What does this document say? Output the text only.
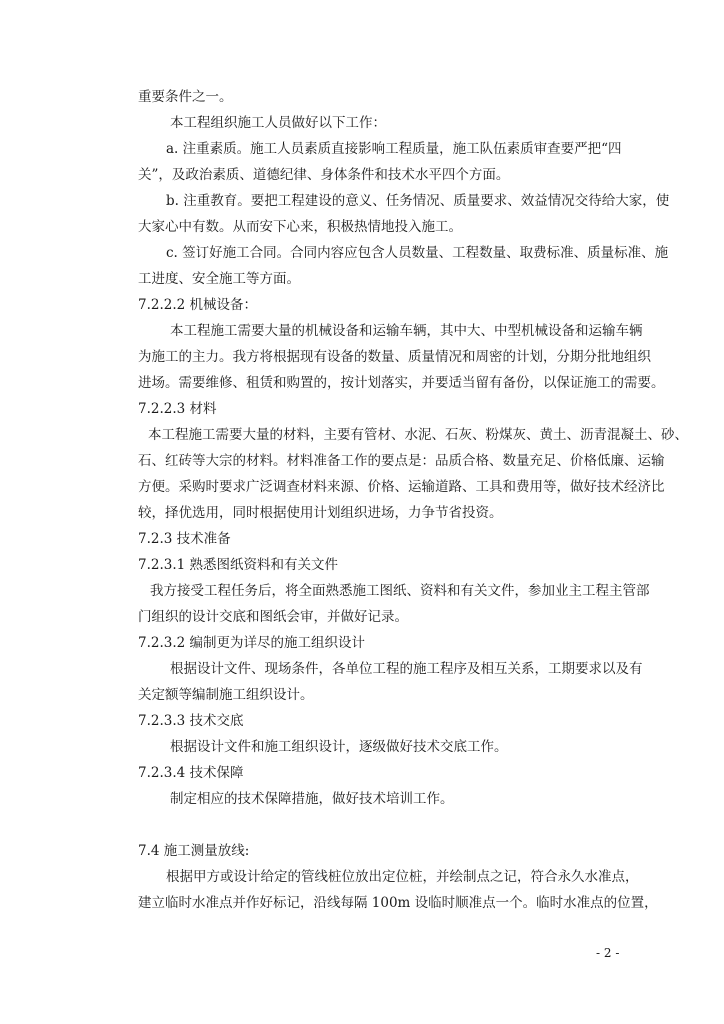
重要条件之一。
本工程组织施工人员做好以下工作：
a. 注重素质。施工人员素质直接影响工程质量，施工队伍素质审查要严把“四
关”，及政治素质、道德纪律、身体条件和技术水平四个方面。
b. 注重教育。要把工程建设的意义、任务情况、质量要求、效益情况交待给大家，使
大家心中有数。从而安下心来，积极热情地投入施工。
c. 签订好施工合同。合同内容应包含人员数量、工程数量、取费标准、质量标准、施
工进度、安全施工等方面。
7.2.2.2 机械设备：
本工程施工需要大量的机械设备和运输车辆，其中大、中型机械设备和运输车辆
为施工的主力。我方将根据现有设备的数量、质量情况和周密的计划，分期分批地组织
进场。需要维修、租赁和购置的，按计划落实，并要适当留有备份，以保证施工的需要。
7.2.2.3 材料
本工程施工需要大量的材料，主要有管材、水泥、石灰、粉煤灰、黄土、沥青混凝土、砂、
石、红砖等大宗的材料。材料准备工作的要点是：品质合格、数量充足、价格低廉、运输
方便。采购时要求广泛调查材料来源、价格、运输道路、工具和费用等，做好技术经济比
较，择优选用，同时根据使用计划组织进场，力争节省投资。
7.2.3 技术准备
7.2.3.1 熟悉图纸资料和有关文件
我方接受工程任务后，将全面熟悉施工图纸、资料和有关文件，参加业主工程主管部
门组织的设计交底和图纸会审，并做好记录。
7.2.3.2 编制更为详尽的施工组织设计
根据设计文件、现场条件，各单位工程的施工程序及相互关系，工期要求以及有
关定额等编制施工组织设计。
7.2.3.3 技术交底
根据设计文件和施工组织设计，逐级做好技术交底工作。
7.2.3.4 技术保障
制定相应的技术保障措施，做好技术培训工作。
7.4 施工测量放线:
根据甲方或设计给定的管线桩位放出定位桩，并绘制点之记，符合永久水准点，
建立临时水准点并作好标记，沿线每隔 100m 设临时顺准点一个。临时水准点的位置，
- 2 -
